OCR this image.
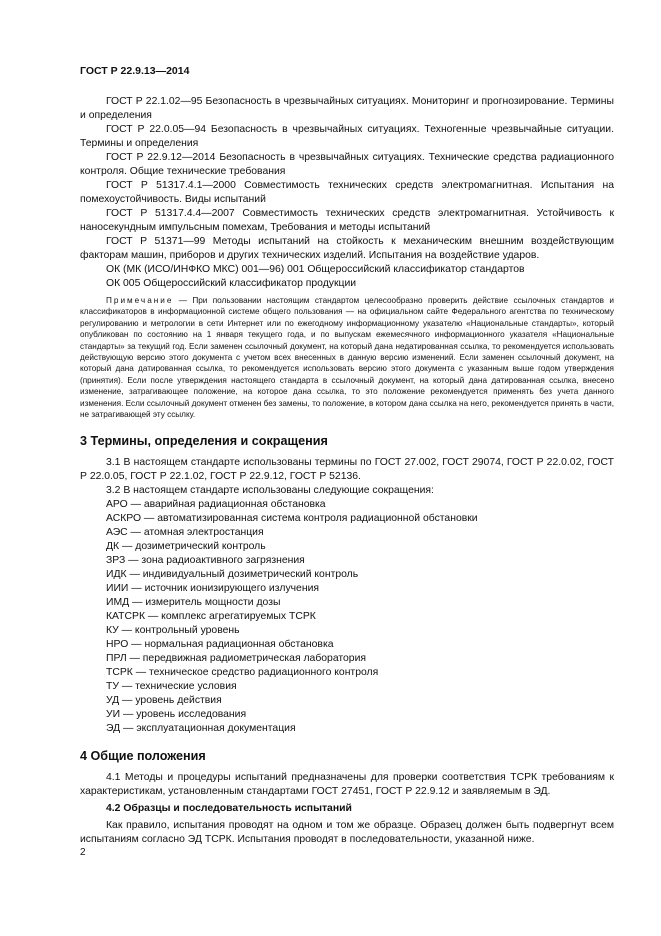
ГОСТ Р 22.9.13—2014

ГОСТ Р 22.1.02—95 Безопасность в чрезвычайных ситуациях. Мониторинг и прогнозирование. Термины и определения

ГОСТ Р 22.0.05—94 Безопасность в чрезвычайных ситуациях. Техногенные чрезвычайные ситуации. Термины и определения

ГОСТ Р 22.9.12—2014 Безопасность в чрезвычайных ситуациях. Технические средства радиационного контроля. Общие технические требования

ГОСТ Р 51317.4.1—2000 Совместимость технических средств электромагнитная. Испытания на помехоустойчивость. Виды испытаний

ГОСТ Р 51317.4.4—2007 Совместимость технических средств электромагнитная. Устойчивость к наносекундным импульсным помехам, Требования и методы испытаний

ГОСТ Р 51371—99 Методы испытаний на стойкость к механическим внешним воздействующим факторам машин, приборов и других технических изделий. Испытания на воздействие ударов.

ОК (МК (ИСО/ИНФКО МКС) 001—96) 001 Общероссийский классификатор стандартов

ОК 005 Общероссийский классификатор продукции

Примечание — При пользовании настоящим стандартом целесообразно проверить действие ссылочных стандартов и классификаторов в информационной системе общего пользования — на официальном сайте Федерального агентства по техническому регулированию и метрологии в сети Интернет или по ежегодному информационному указателю «Национальные стандарты», который опубликован по состоянию на 1 января текущего года, и по выпускам ежемесячного информационного указателя «Национальные стандарты» за текущий год. Если заменен ссылочный документ, на который дана недатированная ссылка, то рекомендуется использовать действующую версию этого документа с учетом всех внесенных в данную версию изменений. Если заменен ссылочный документ, на который дана датированная ссылка, то рекомендуется использовать версию этого документа с указанным выше годом утверждения (принятия). Если после утверждения настоящего стандарта в ссылочный документ, на который дана датированная ссылка, внесено изменение, затрагивающее положение, на которое дана ссылка, то это положение рекомендуется применять без учета данного изменения. Если ссылочный документ отменен без замены, то положение, в котором дана ссылка на него, рекомендуется принять в части, не затрагивающей эту ссылку.

3 Термины, определения и сокращения

3.1 В настоящем стандарте использованы термины по ГОСТ 27.002, ГОСТ 29074, ГОСТ Р 22.0.02, ГОСТ Р 22.0.05, ГОСТ Р 22.1.02, ГОСТ Р 22.9.12, ГОСТ Р 52136.

3.2 В настоящем стандарте использованы следующие сокращения:

АРО — аварийная радиационная обстановка

АСКРО — автоматизированная система контроля радиационной обстановки

АЭС — атомная электростанция

ДК — дозиметрический контроль

ЗРЗ — зона радиоактивного загрязнения

ИДК — индивидуальный дозиметрический контроль

ИИИ — источник ионизирующего излучения

ИМД — измеритель мощности дозы

КАТСРК — комплекс агрегатируемых ТСРК

КУ — контрольный уровень

НРО — нормальная радиационная обстановка

ПРЛ — передвижная радиометрическая лаборатория

ТСРК — техническое средство радиационного контроля

ТУ — технические условия

УД — уровень действия

УИ — уровень исследования

ЭД — эксплуатационная документация

4 Общие положения

4.1 Методы и процедуры испытаний предназначены для проверки соответствия ТСРК требованиям к характеристикам, установленным стандартами ГОСТ 27451, ГОСТ Р 22.9.12 и заявляемым в ЭД.

4.2 Образцы и последовательность испытаний

Как правило, испытания проводят на одном и том же образце. Образец должен быть подвергнут всем испытаниям согласно ЭД ТСРК. Испытания проводят в последовательности, указанной ниже.

2
